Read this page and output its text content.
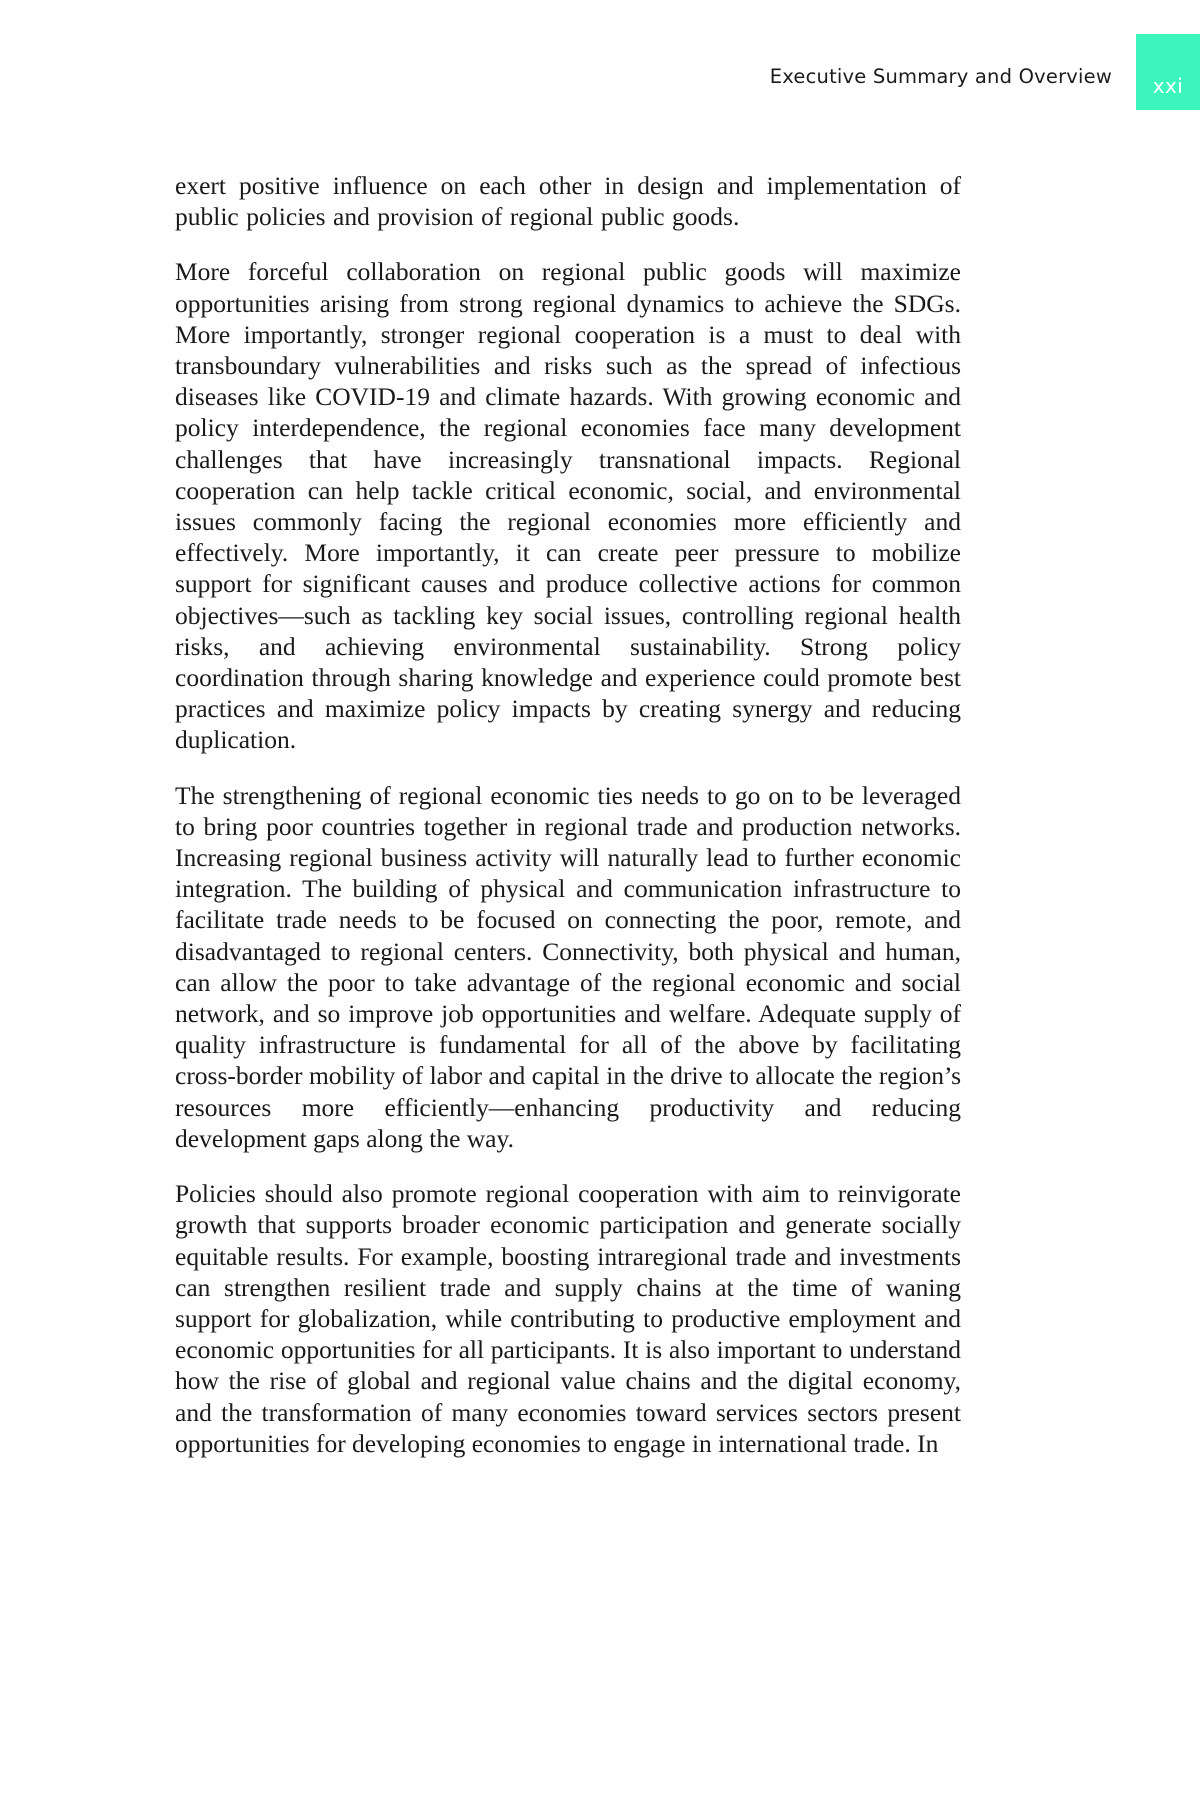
Executive Summary and Overview xxi

exert positive influence on each other in design and implementation of public policies and provision of regional public goods.

More forceful collaboration on regional public goods will maximize opportunities arising from strong regional dynamics to achieve the SDGs. More importantly, stronger regional cooperation is a must to deal with transboundary vulnerabilities and risks such as the spread of infectious diseases like COVID-19 and climate hazards. With growing economic and policy interdependence, the regional economies face many development challenges that have increasingly transnational impacts. Regional cooperation can help tackle critical economic, social, and environmental issues commonly facing the regional economies more efficiently and effectively. More importantly, it can create peer pressure to mobilize support for significant causes and produce collective actions for common objectives—such as tackling key social issues, controlling regional health risks, and achieving environmental sustainability. Strong policy coordination through sharing knowledge and experience could promote best practices and maximize policy impacts by creating synergy and reducing duplication.

The strengthening of regional economic ties needs to go on to be leveraged to bring poor countries together in regional trade and production networks. Increasing regional business activity will naturally lead to further economic integration. The building of physical and communication infrastructure to facilitate trade needs to be focused on connecting the poor, remote, and disadvantaged to regional centers. Connectivity, both physical and human, can allow the poor to take advantage of the regional economic and social network, and so improve job opportunities and welfare. Adequate supply of quality infrastructure is fundamental for all of the above by facilitating cross-border mobility of labor and capital in the drive to allocate the region’s resources more efficiently—enhancing productivity and reducing development gaps along the way.

Policies should also promote regional cooperation with aim to reinvigorate growth that supports broader economic participation and generate socially equitable results. For example, boosting intraregional trade and investments can strengthen resilient trade and supply chains at the time of waning support for globalization, while contributing to productive employment and economic opportunities for all participants. It is also important to understand how the rise of global and regional value chains and the digital economy, and the transformation of many economies toward services sectors present opportunities for developing economies to engage in international trade. In
